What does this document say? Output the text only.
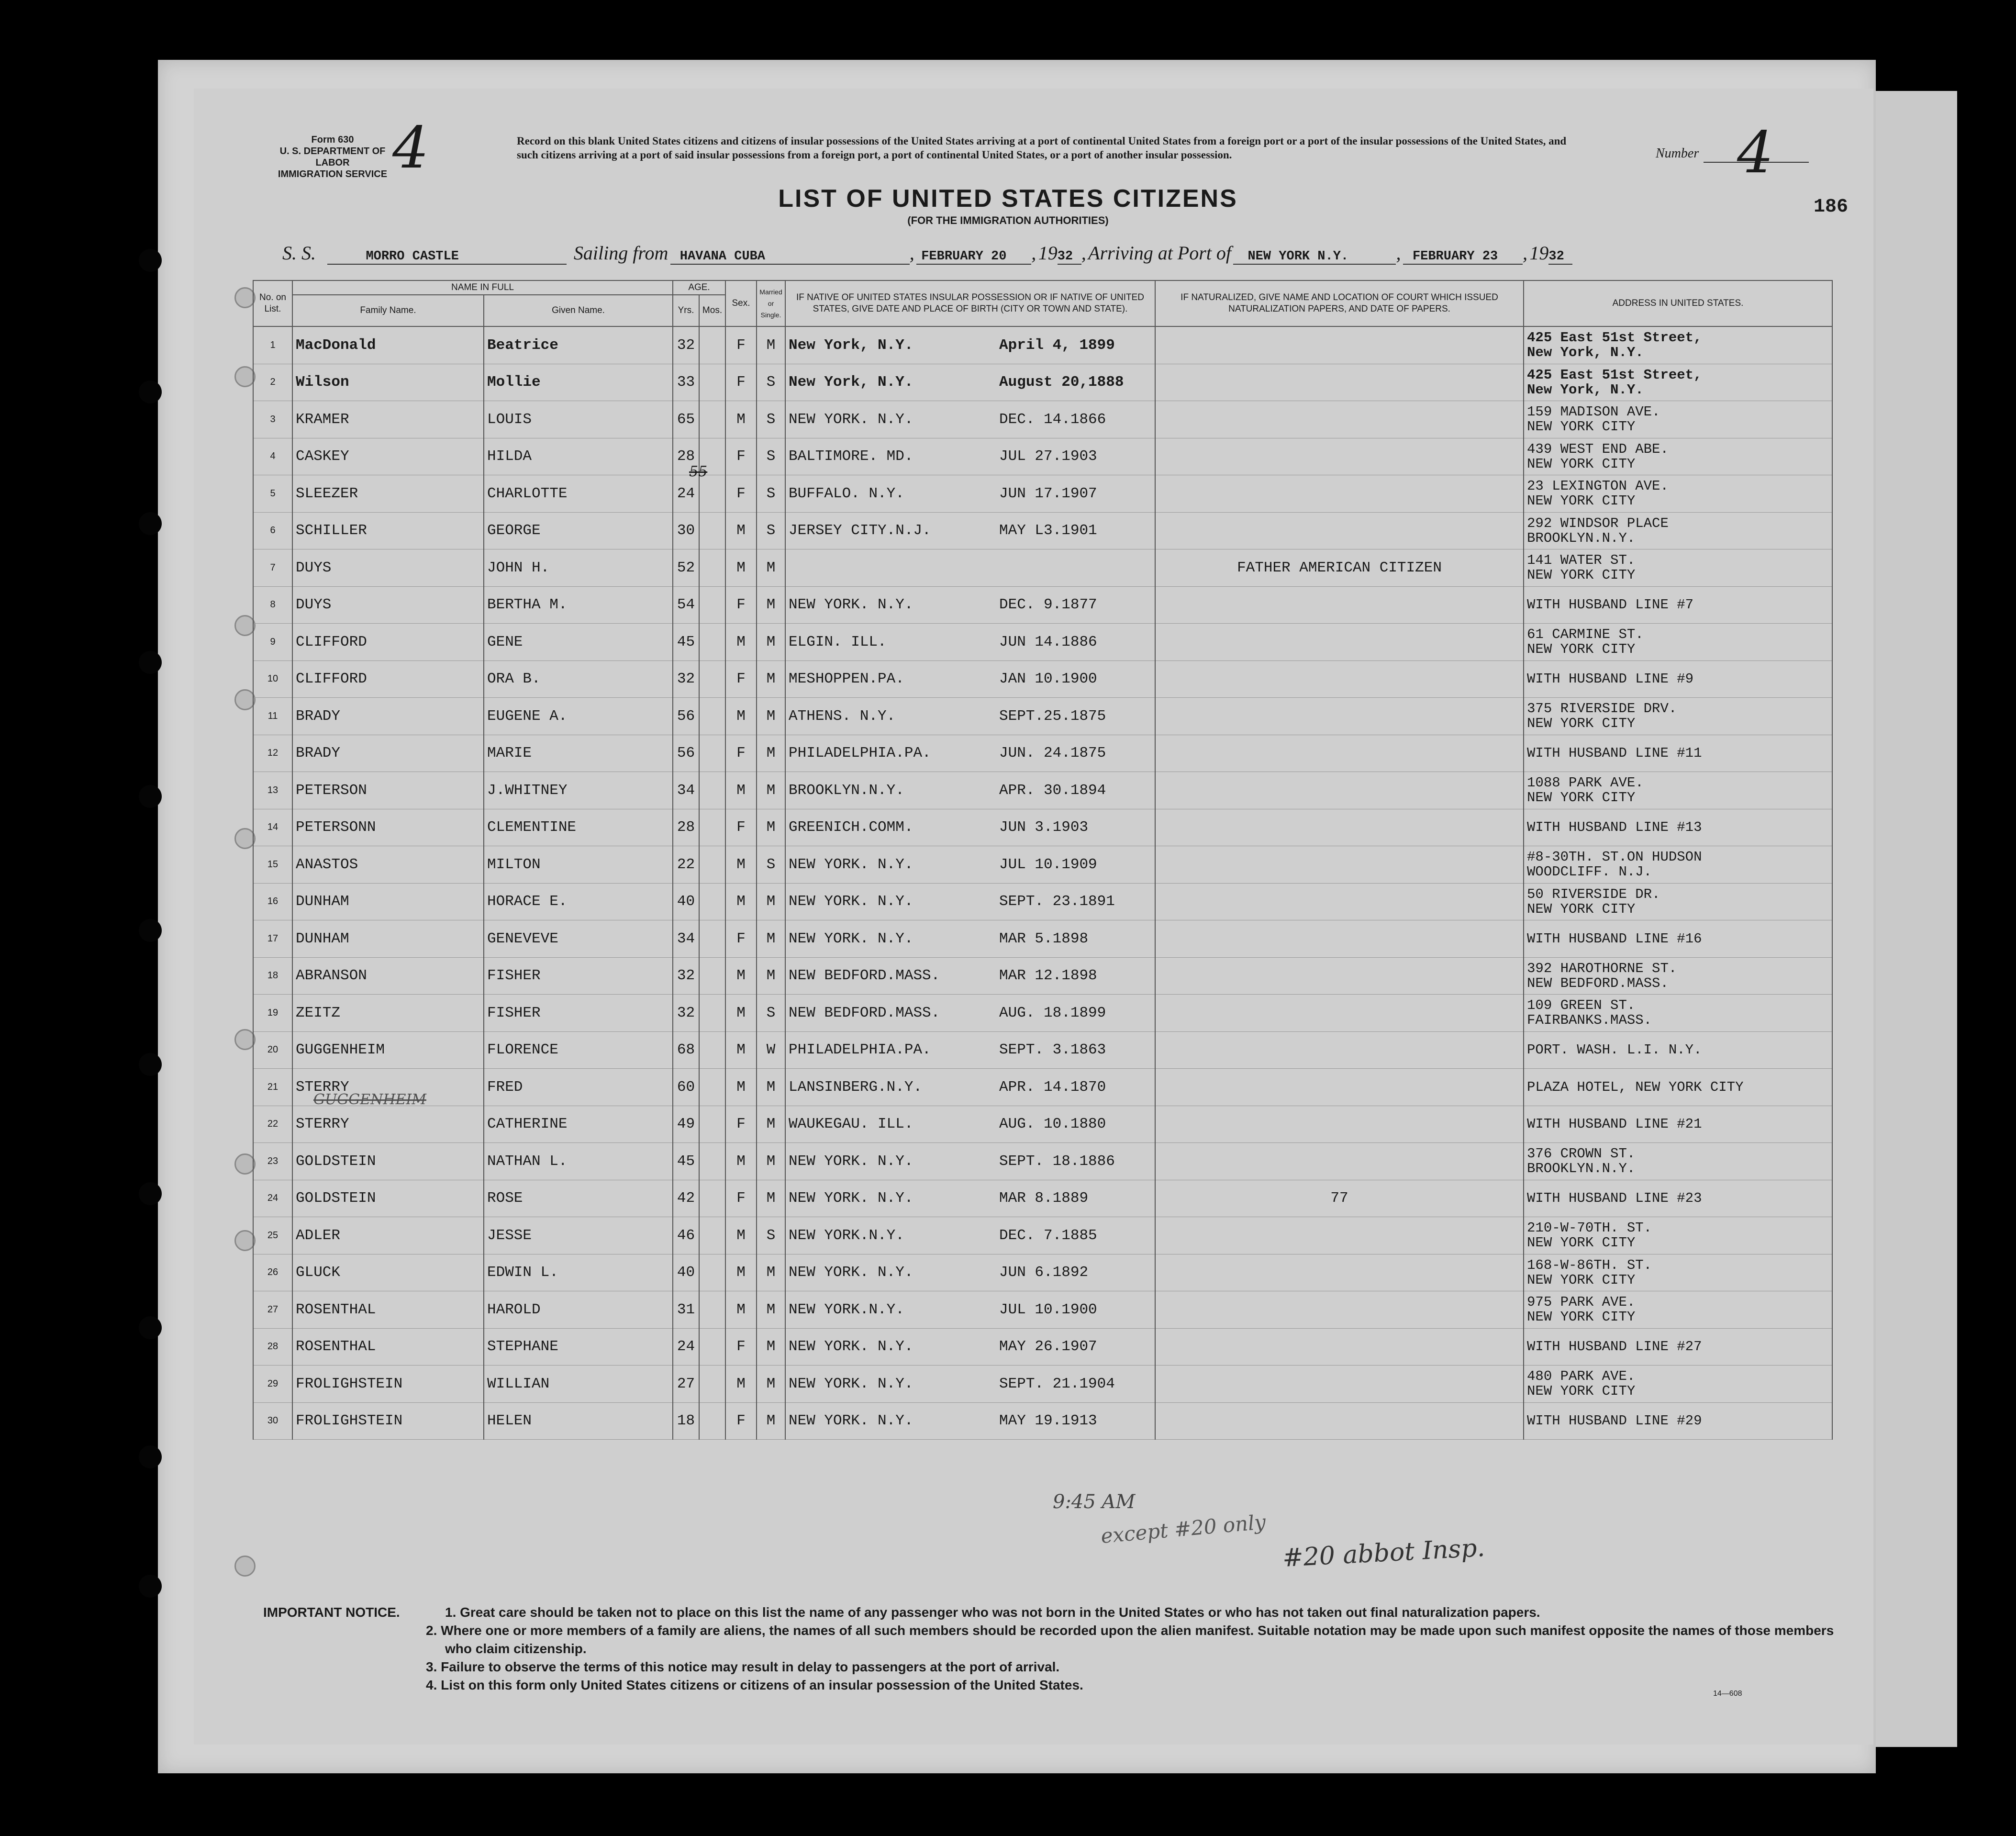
Form 630
U. S. DEPARTMENT OF LABOR
IMMIGRATION SERVICE 4	Record on this blank United States citizens and citizens of insular possessions of the United States arriving at a port of continental United States from a foreign port or a port of the insular possessions of the United States, and such citizens arriving at a port of said insular possessions from a foreign port, a port of continental United States, or a port of another insular possession.	Number 4
186
LIST OF UNITED STATES CITIZENS
(FOR THE IMMIGRATION AUTHORITIES)
S. S.	MORRO CASTLE	Sailing from HAVANA CUBA	, FEBRUARY 20 , 1932 , Arriving at Port of NEW YORK N.Y. , FEBRUARY 23 , 1932
No. on List.	NAME IN FULL		AGE.		Sex.	Married or Single.	IF NATIVE OF UNITED STATES INSULAR POSSESSION OR IF NATIVE OF UNITED STATES, GIVE DATE AND PLACE OF BIRTH (CITY OR TOWN AND STATE).	IF NATURALIZED, GIVE NAME AND LOCATION OF COURT WHICH ISSUED NATURALIZATION PAPERS, AND DATE OF PAPERS.	ADDRESS IN UNITED STATES.
	Family Name.	Given Name.	Yrs.	Mos.					
1	MacDonald	Beatrice	32		F	M	New York, N.Y. April 4, 1899		425 East 51st Street,
New York, N.Y.

2	Wilson	Mollie	33		F	S	New York, N.Y. August 20,1888		425 East 51st Street,
New York, N.Y.

3	KRAMER	LOUIS	65		M	S	NEW YORK. N.Y. DEC. 14.1866		159 MADISON AVE.
NEW YORK CITY

4	CASKEY	HILDA	28		F	S	BALTIMORE. MD. JUL 27.1903		439 WEST END ABE.
NEW YORK CITY

5	SLEEZER	CHARLOTTE	24		F	S	BUFFALO. N.Y. JUN 17.1907		23 LEXINGTON AVE.
NEW YORK CITY

6	SCHILLER	GEORGE	30		M	S	JERSEY CITY.N.J. MAY L3.1901		292 WINDSOR PLACE
BROOKLYN.N.Y.

7	DUYS	JOHN H.	52		M	M		FATHER AMERICAN CITIZEN	141 WATER ST.
NEW YORK CITY

8	DUYS	BERTHA M.	54		F	M	NEW YORK. N.Y. DEC. 9.1877		WITH HUSBAND LINE #7

9	CLIFFORD	GENE	45		M	M	ELGIN. ILL. JUN 14.1886		61 CARMINE ST.
NEW YORK CITY

10	CLIFFORD	ORA B.	32		F	M	MESHOPPEN.PA. JAN 10.1900		WITH HUSBAND LINE #9

11	BRADY	EUGENE A.	56		M	M	ATHENS. N.Y. SEPT.25.1875		375 RIVERSIDE DRV.
NEW YORK CITY

12	BRADY	MARIE	56		F	M	PHILADELPHIA.PA. JUN. 24.1875		WITH HUSBAND LINE #11

13	PETERSON	J.WHITNEY	34		M	M	BROOKLYN.N.Y. APR. 30.1894		1088 PARK AVE.
NEW YORK CITY

14	PETERSONN	CLEMENTINE	28		F	M	GREENICH.COMM. JUN 3.1903		WITH HUSBAND LINE #13

15	ANASTOS	MILTON	22		M	S	NEW YORK. N.Y. JUL 10.1909		#8-30TH. ST.ON HUDSON
WOODCLIFF. N.J.

16	DUNHAM	HORACE E.	40		M	M	NEW YORK. N.Y. SEPT. 23.1891		50 RIVERSIDE DR.
NEW YORK CITY

17	DUNHAM	GENEVEVE	34		F	M	NEW YORK. N.Y. MAR 5.1898		WITH HUSBAND LINE #16

18	ABRANSON	FISHER	32		M	M	NEW BEDFORD.MASS. MAR 12.1898		392 HAROTHORNE ST.
NEW BEDFORD.MASS.

19	ZEITZ	FISHER	32		M	S	NEW BEDFORD.MASS. AUG. 18.1899		109 GREEN ST.
FAIRBANKS.MASS.

20	GUGGENHEIM	FLORENCE	68		M	W	PHILADELPHIA.PA. SEPT. 3.1863		PORT. WASH. L.I. N.Y.

21	STERRY	FRED	60		M	M	LANSINBERG.N.Y. APR. 14.1870		PLAZA HOTEL, NEW YORK CITY

22	STERRY	CATHERINE	49		F	M	WAUKEGAU. ILL. AUG. 10.1880		WITH HUSBAND LINE #21

23	GOLDSTEIN	NATHAN L.	45		M	M	NEW YORK. N.Y. SEPT. 18.1886		376 CROWN ST.
BROOKLYN.N.Y.

24	GOLDSTEIN	ROSE	42		F	M	NEW YORK. N.Y. MAR 8.1889	77	WITH HUSBAND LINE #23

25	ADLER	JESSE	46		M	S	NEW YORK.N.Y. DEC. 7.1885		210-W-70TH. ST.
NEW YORK CITY

26	GLUCK	EDWIN L.	40		M	M	NEW YORK. N.Y. JUN 6.1892		168-W-86TH. ST.
NEW YORK CITY

27	ROSENTHAL	HAROLD	31		M	M	NEW YORK.N.Y. JUL 10.1900		975 PARK AVE.
NEW YORK CITY

28	ROSENTHAL	STEPHANE	24		F	M	NEW YORK. N.Y. MAY 26.1907		WITH HUSBAND LINE #27

29	FROLIGHSTEIN	WILLIAN	27		M	M	NEW YORK. N.Y. SEPT. 21.1904		480 PARK AVE.
NEW YORK CITY

30	FROLIGHSTEIN	HELEN	18		F	M	NEW YORK. N.Y. MAY 19.1913		WITH HUSBAND LINE #29
55
GUGGENHEIM
9:45 AM
except #20 only
#20 abbot Insp.
IMPORTANT NOTICE.	1. Great care should be taken not to place on this list the name of any passenger who was not born in the United States or who has not taken out final naturalization papers.
2. Where one or more members of a family are aliens, the names of all such members should be recorded upon the alien manifest. Suitable notation may be made upon such manifest opposite the names of those members who claim citizenship.
3. Failure to observe the terms of this notice may result in delay to passengers at the port of arrival.
4. List on this form only United States citizens or citizens of an insular possession of the United States.
14—608
